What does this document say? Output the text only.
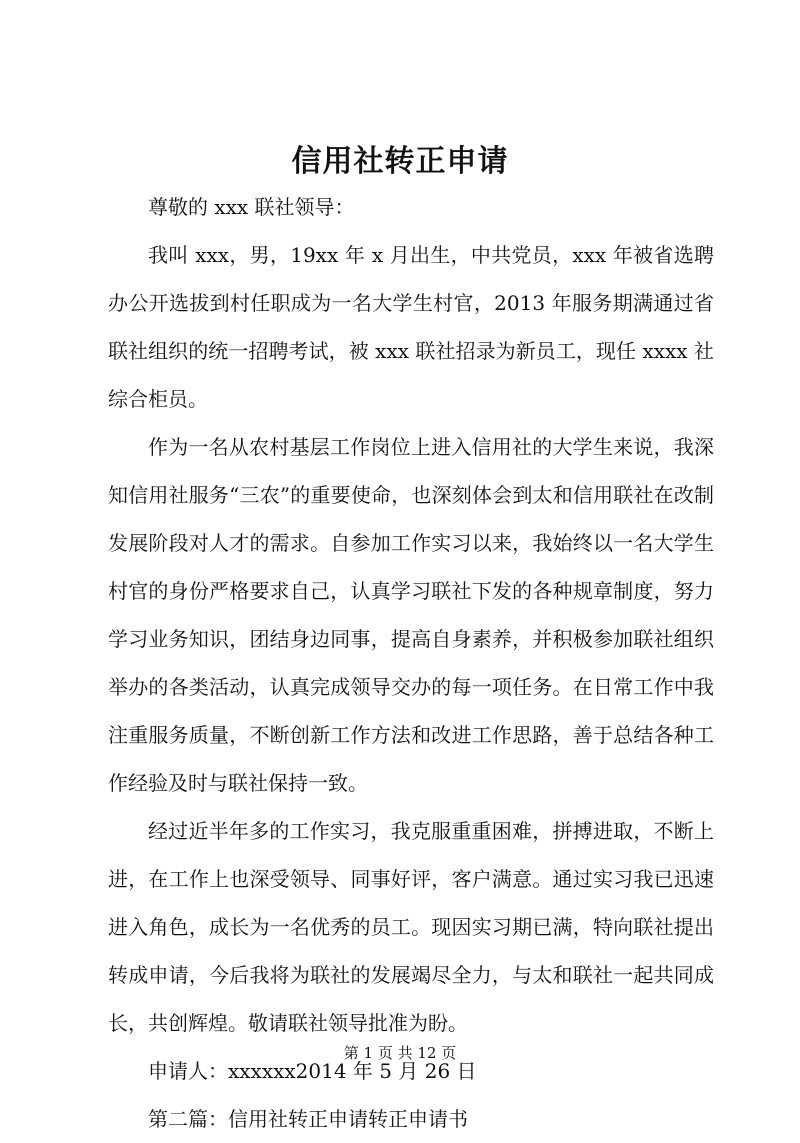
信用社转正申请

尊敬的 xxx 联社领导：

我叫 xxx，男，19xx 年 x 月出生，中共党员，xxx 年被省选聘办公开选拔到村任职成为一名大学生村官，2013 年服务期满通过省联社组织的统一招聘考试，被 xxx 联社招录为新员工，现任 xxxx 社综合柜员。

作为一名从农村基层工作岗位上进入信用社的大学生来说，我深知信用社服务“三农”的重要使命，也深刻体会到太和信用联社在改制发展阶段对人才的需求。自参加工作实习以来，我始终以一名大学生村官的身份严格要求自己，认真学习联社下发的各种规章制度，努力学习业务知识，团结身边同事，提高自身素养，并积极参加联社组织举办的各类活动，认真完成领导交办的每一项任务。在日常工作中我注重服务质量，不断创新工作方法和改进工作思路，善于总结各种工作经验及时与联社保持一致。

经过近半年多的工作实习，我克服重重困难，拼搏进取，不断上进，在工作上也深受领导、同事好评，客户满意。通过实习我已迅速进入角色，成长为一名优秀的员工。现因实习期已满，特向联社提出转成申请，今后我将为联社的发展竭尽全力，与太和联社一起共同成长，共创辉煌。敬请联社领导批准为盼。

申请人：xxxxxx2014 年 5 月 26 日

第二篇：信用社转正申请转正申请书

第 1 页 共 12 页
